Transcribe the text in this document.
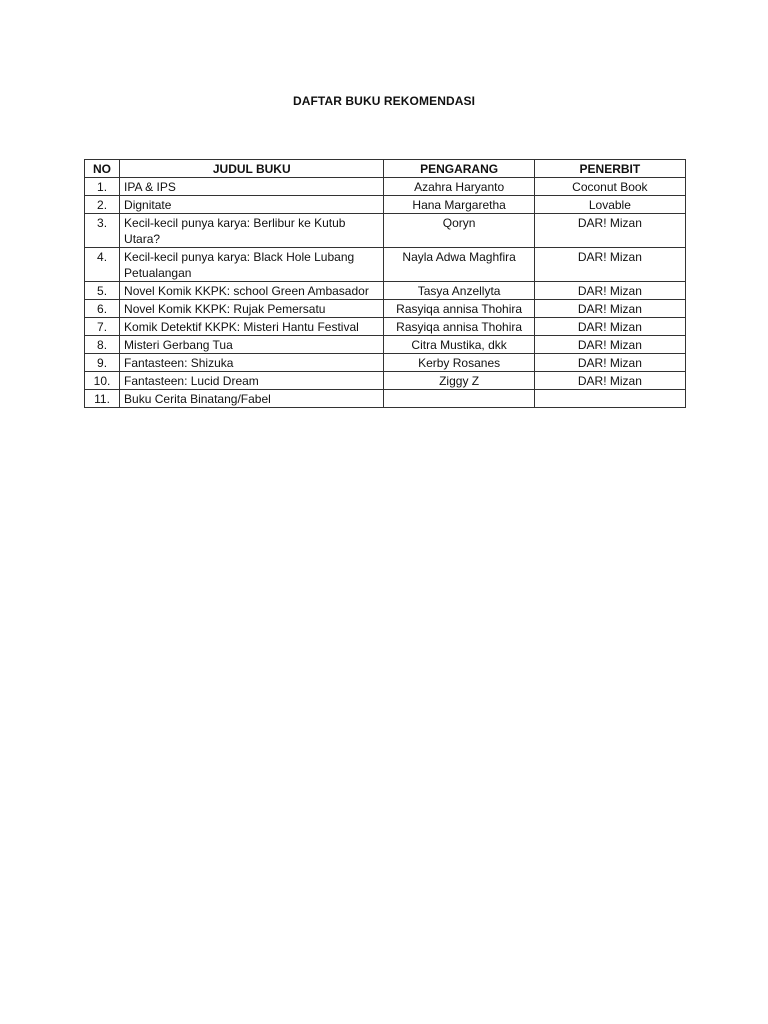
DAFTAR BUKU REKOMENDASI
NO	JUDUL BUKU	PENGARANG	PENERBIT
1.	IPA & IPS	Azahra Haryanto	Coconut Book
2.	Dignitate	Hana Margaretha	Lovable
3.	Kecil-kecil punya karya: Berlibur ke Kutub Utara?	Qoryn	DAR! Mizan
4.	Kecil-kecil punya karya: Black Hole Lubang Petualangan	Nayla Adwa Maghfira	DAR! Mizan
5.	Novel Komik KKPK: school Green Ambasador	Tasya Anzellyta	DAR! Mizan
6.	Novel Komik KKPK: Rujak Pemersatu	Rasyiqa annisa Thohira	DAR! Mizan
7.	Komik Detektif KKPK: Misteri Hantu Festival	Rasyiqa annisa Thohira	DAR! Mizan
8.	Misteri Gerbang Tua	Citra Mustika, dkk	DAR! Mizan
9.	Fantasteen: Shizuka	Kerby Rosanes	DAR! Mizan
10.	Fantasteen: Lucid Dream	Ziggy Z	DAR! Mizan
11.	Buku Cerita Binatang/Fabel		
